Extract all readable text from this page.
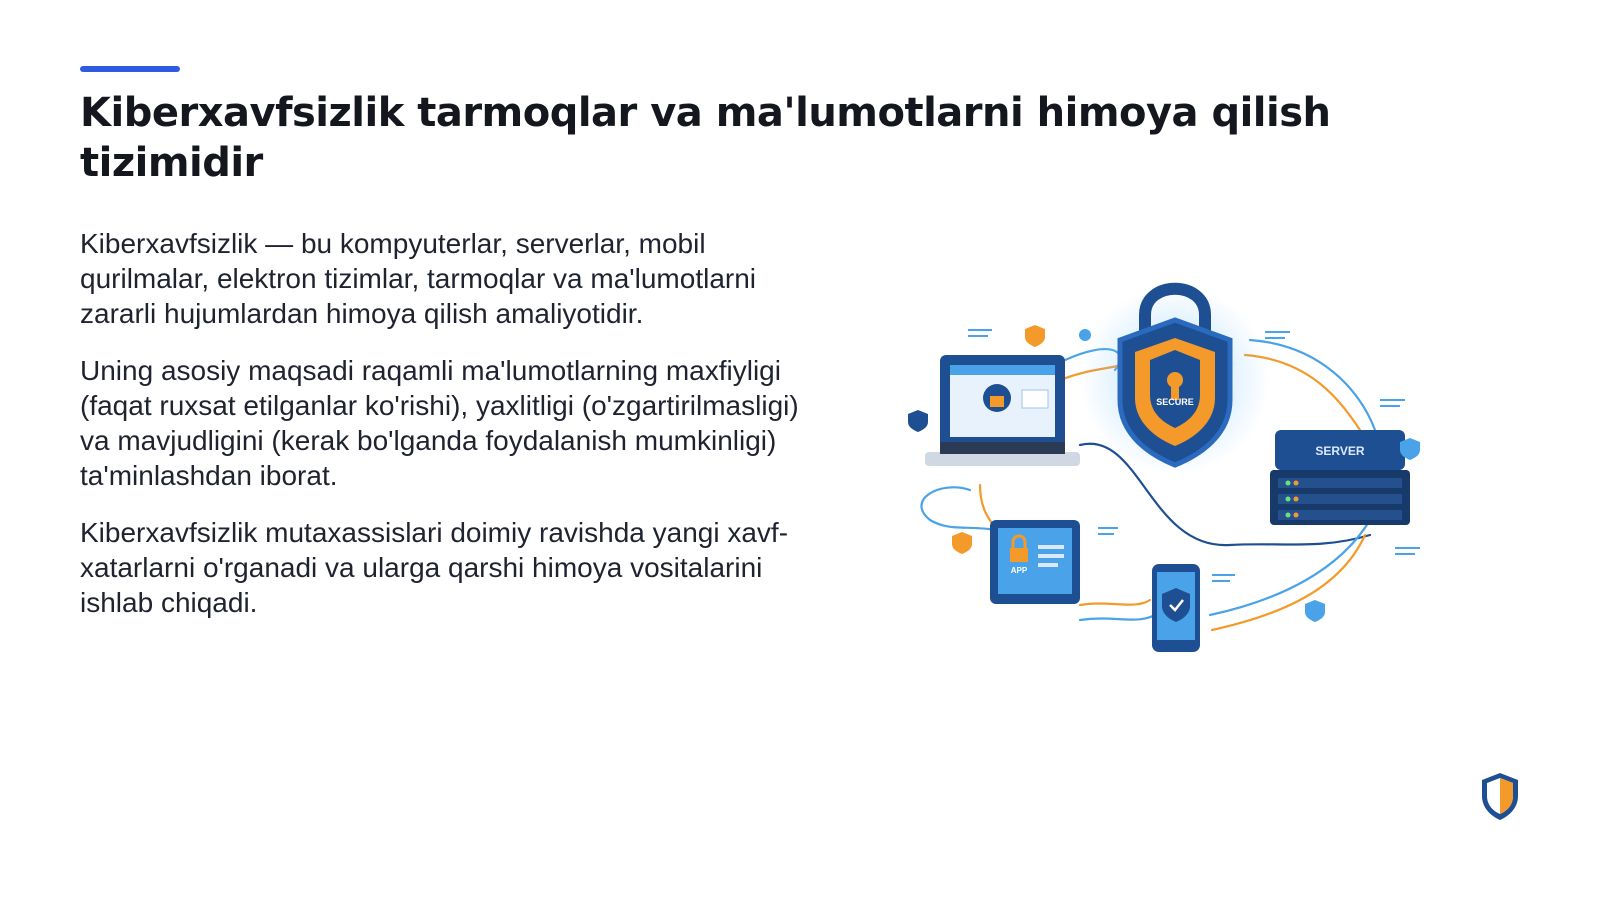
Kiberxavfsizlik tarmoqlar va ma'lumotlarni himoya qilish tizimidir

Kiberxavfsizlik — bu kompyuterlar, serverlar, mobil qurilmalar, elektron tizimlar, tarmoqlar va ma'lumotlarni zararli hujumlardan himoya qilish amaliyotidir.

Uning asosiy maqsadi raqamli ma'lumotlarning maxfiyligi (faqat ruxsat etilganlar ko'rishi), yaxlitligi (o'zgartirilmasligi) va mavjudligini (kerak bo'lganda foydalanish mumkinligi) ta'minlashdan iborat.

Kiberxavfsizlik mutaxassislari doimiy ravishda yangi xavf-xatarlarni o'rganadi va ularga qarshi himoya vositalarini ishlab chiqadi.

SECURE
SERVER
APP
